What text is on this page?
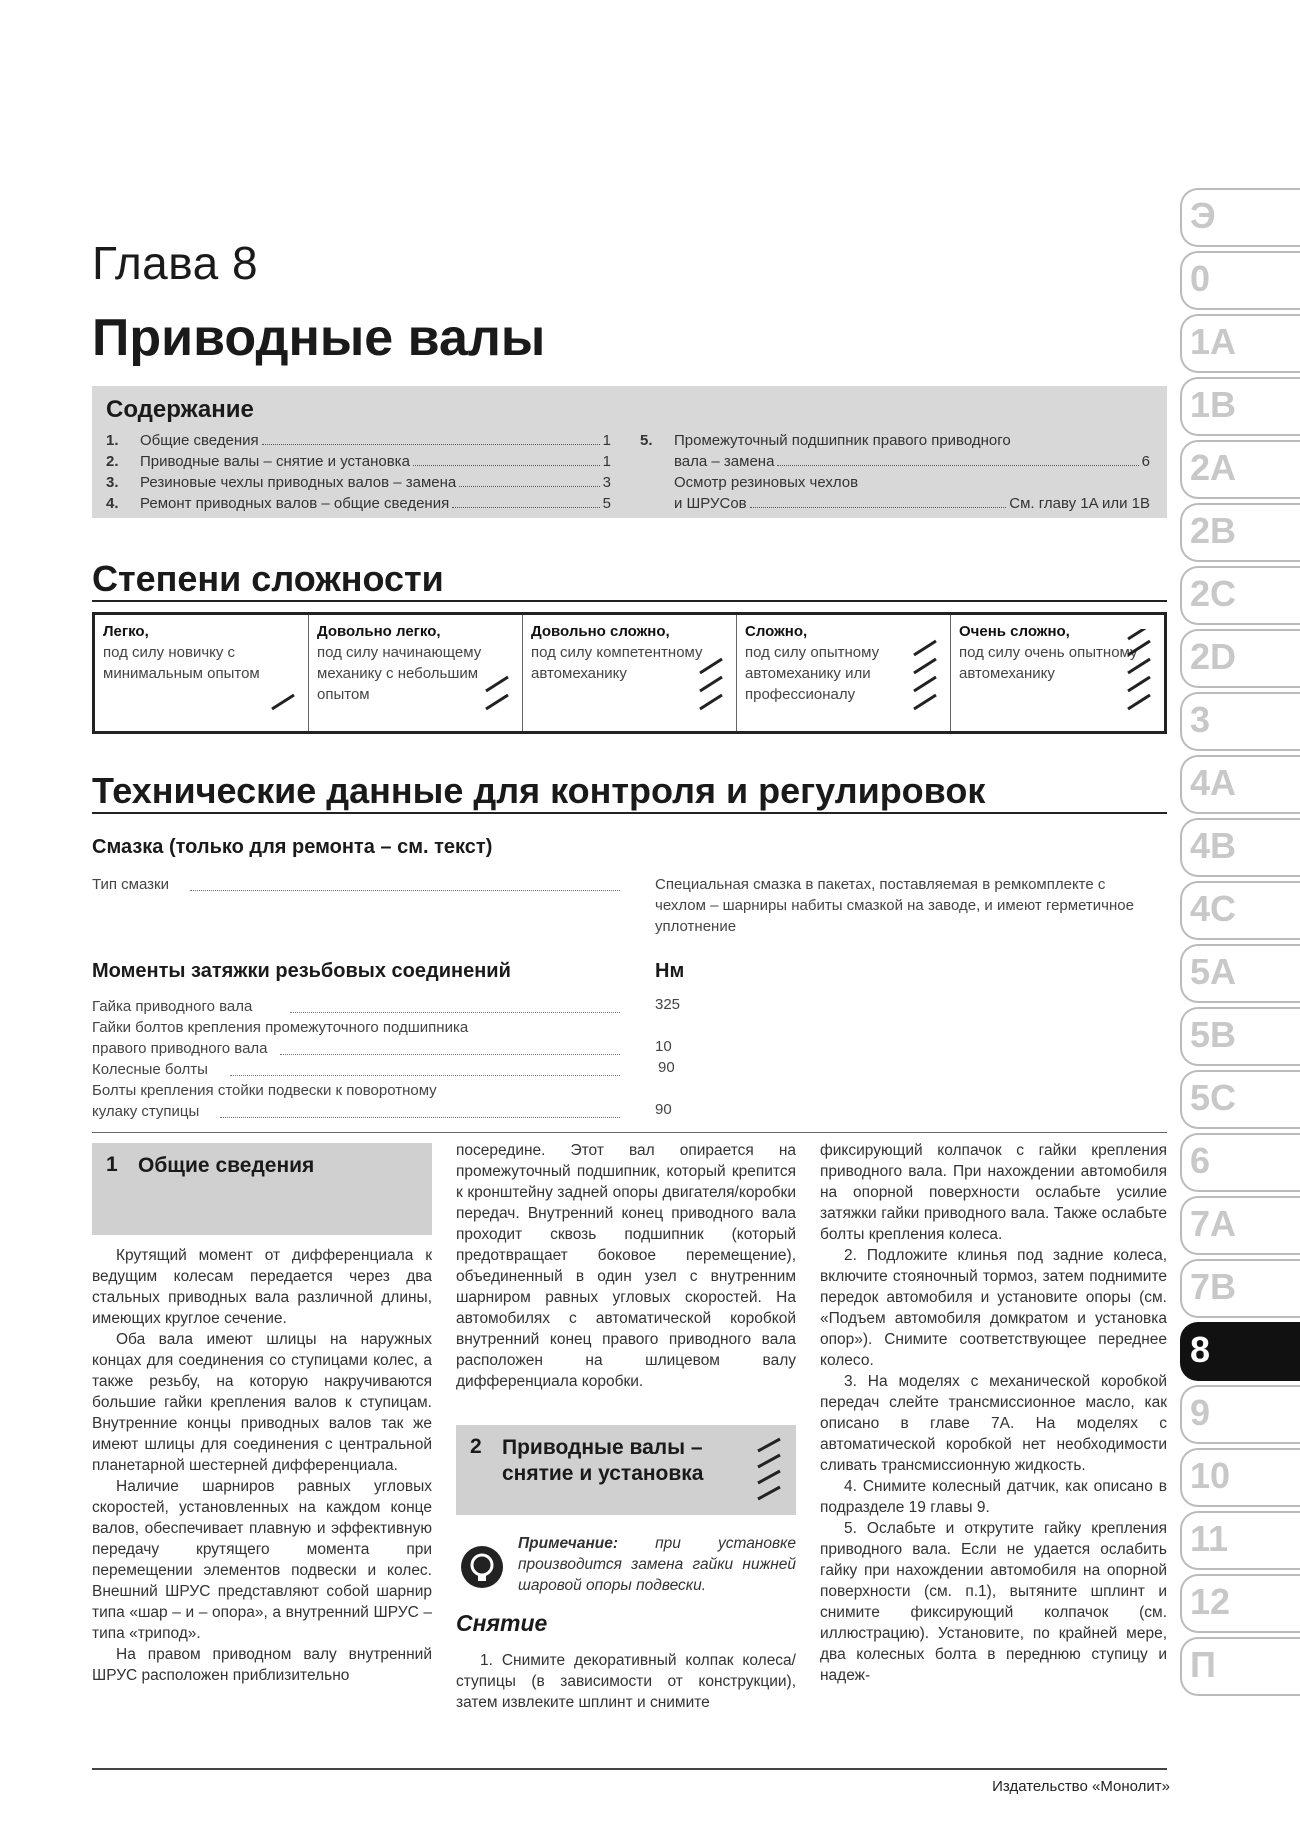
Глава 8
Приводные валы
Содержание
1.	Общие сведения	1
2.	Приводные валы – снятие и установка	1
3.	Резиновые чехлы приводных валов – замена	3
4.	Ремонт приводных валов – общие сведения	5
5.	Промежуточный подшипник правого приводного
вала – замена	6
Осмотр резиновых чехлов
и ШРУСов	См. главу 1A или 1B
Степени сложности
Легко,
под силу новичку с минимальным опытом
Довольно легко,
под силу начинающему механику с небольшим опытом
Довольно сложно,
под силу компетентному автомеханику
Сложно,
под силу опытному автомеханику или профессионалу
Очень сложно,
под силу очень опытному автомеханику
Технические данные для контроля и регулировок
Смазка (только для ремонта – см. текст)
Тип смазки	Специальная смазка в пакетах, поставляемая в ремкомплекте с чехлом – шарниры набиты смазкой на заводе, и имеют герметичное уплотнение
Моменты затяжки резьбовых соединений	Нм
Гайка приводного вала	325
Гайки болтов крепления промежуточного подшипника
правого приводного вала	10
Колесные болты	90
Болты крепления стойки подвески к поворотному
кулаку ступицы	90
1 Общие сведения

Крутящий момент от дифференциала к ведущим колесам передается через два стальных приводных вала различной длины, имеющих круглое сечение.

Оба вала имеют шлицы на наружных концах для соединения со ступицами колес, а также резьбу, на которую накручиваются большие гайки крепления валов к ступицам. Внутренние концы приводных валов так же имеют шлицы для соединения с центральной планетарной шестерней дифференциала.

Наличие шарниров равных угловых скоростей, установленных на каждом конце валов, обеспечивает плавную и эффективную передачу крутящего момента при перемещении элементов подвески и колес. Внешний ШРУС представляют собой шарнир типа «шар – и – опора», а внутренний ШРУС – типа «трипод».

На правом приводном валу внутренний ШРУС расположен приблизительно

посередине. Этот вал опирается на промежуточный подшипник, который крепится к кронштейну задней опоры двигателя/коробки передач. Внутренний конец приводного вала проходит сквозь подшипник (который предотвращает боковое перемещение), объединенный в один узел с внутренним шарниром равных угловых скоростей. На автомобилях с автоматической коробкой внутренний конец правого приводного вала расположен на шлицевом валу дифференциала коробки.

2 Приводные валы –
снятие и установка

Примечание: при установке производится замена гайки нижней шаровой опоры подвески.

Снятие

1. Снимите декоративный колпак колеса/ступицы (в зависимости от конструкции), затем извлеките шплинт и снимите

фиксирующий колпачок с гайки крепления приводного вала. При нахождении автомобиля на опорной поверхности ослабьте усилие затяжки гайки приводного вала. Также ослабьте болты крепления колеса.

2. Подложите клинья под задние колеса, включите стояночный тормоз, затем поднимите передок автомобиля и установите опоры (см. «Подъем автомобиля домкратом и установка опор»). Снимите соответствующее переднее колесо.

3. На моделях с механической коробкой передач слейте трансмиссионное масло, как описано в главе 7A. На моделях с автоматической коробкой нет необходимости сливать трансмиссионную жидкость.

4. Снимите колесный датчик, как описано в подразделе 19 главы 9.

5. Ослабьте и открутите гайку крепления приводного вала. Если не удается ослабить гайку при нахождении автомобиля на опорной поверхности (см. п.1), вытяните шплинт и снимите фиксирующий колпачок (см. иллюстрацию). Установите, по крайней мере, два колесных болта в переднюю ступицу и надеж-

Э
0
1A
1B
2A
2B
2C
2D
3
4A
4B
4C
5A
5B
5C
6
7A
7B
8
9
10
11
12
П
Издательство «Монолит»
